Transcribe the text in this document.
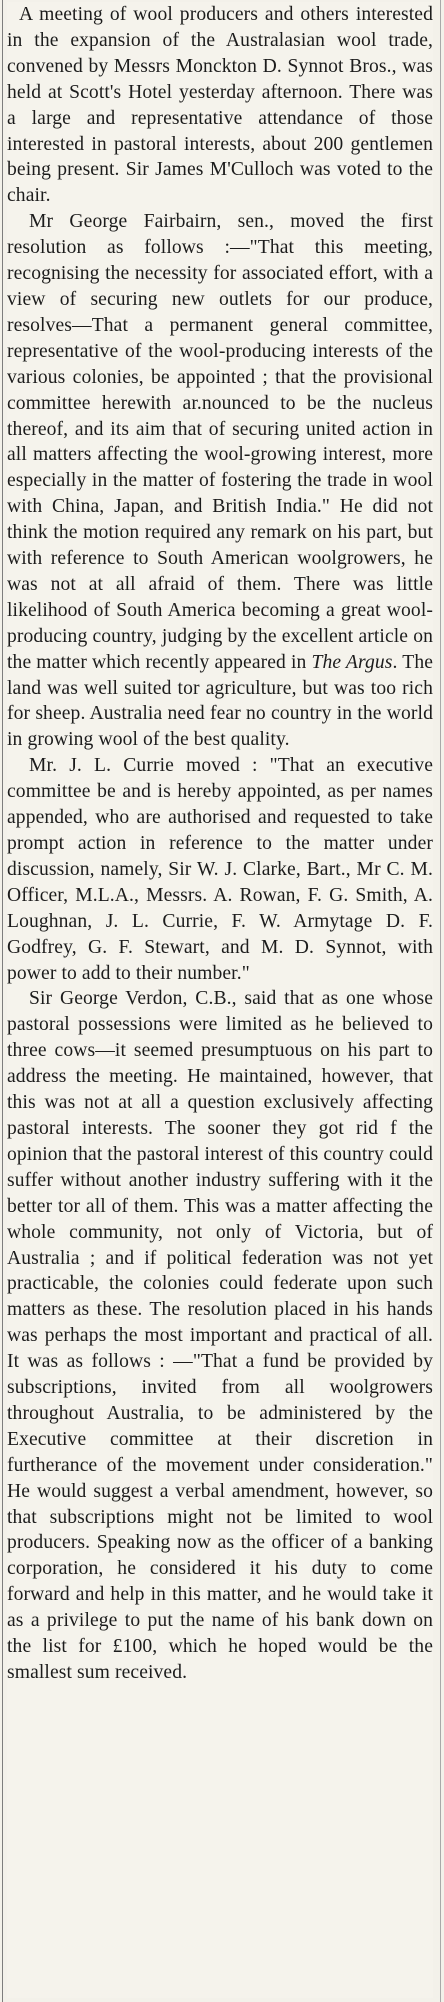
A meeting of wool producers and others interested in the expansion of the Australasian wool trade, convened by Messrs Monckton D. Synnot Bros., was held at Scott's Hotel yesterday afternoon. There was a large and representative attendance of those interested in pastoral interests, about 200 gentlemen being present. Sir James M'Culloch was voted to the chair.

Mr George Fairbairn, sen., moved the first resolution as follows :—"That this meeting, recognising the necessity for associated effort, with a view of securing new outlets for our produce, resolves—That a permanent general committee, representative of the wool-producing interests of the various colonies, be appointed ; that the provisional committee herewith ar.nounced to be the nucleus thereof, and its aim that of securing united action in all matters affecting the wool-growing interest, more especially in the matter of fostering the trade in wool with China, Japan, and British India." He did not think the motion required any remark on his part, but with reference to South American woolgrowers, he was not at all afraid of them. There was little likelihood of South America becoming a great wool-producing country, judging by the excellent article on the matter which recently appeared in The Argus. The land was well suited tor agriculture, but was too rich for sheep. Australia need fear no country in the world in growing wool of the best quality.

Mr. J. L. Currie moved : "That an executive committee be and is hereby appointed, as per names appended, who are authorised and requested to take prompt action in reference to the matter under discussion, namely, Sir W. J. Clarke, Bart., Mr C. M. Officer, M.L.A., Messrs. A. Rowan, F. G. Smith, A. Loughnan, J. L. Currie, F. W. Armytage D. F. Godfrey, G. F. Stewart, and M. D. Synnot, with power to add to their number."

Sir George Verdon, C.B., said that as one whose pastoral possessions were limited as he believed to three cows—it seemed presumptuous on his part to address the meeting. He maintained, however, that this was not at all a question exclusively affecting pastoral interests. The sooner they got rid f the opinion that the pastoral interest of this country could suffer without another industry suffering with it the better tor all of them. This was a matter affecting the whole community, not only of Victoria, but of Australia ; and if political federation was not yet practicable, the colonies could federate upon such matters as these. The resolution placed in his hands was perhaps the most important and practical of all. It was as follows : —"That a fund be provided by subscriptions, invited from all woolgrowers throughout Australia, to be administered by the Executive committee at their discretion in furtherance of the movement under consideration." He would suggest a verbal amendment, however, so that subscriptions might not be limited to wool producers. Speaking now as the officer of a banking corporation, he considered it his duty to come forward and help in this matter, and he would take it as a privilege to put the name of his bank down on the list for £100, which he hoped would be the smallest sum received.
